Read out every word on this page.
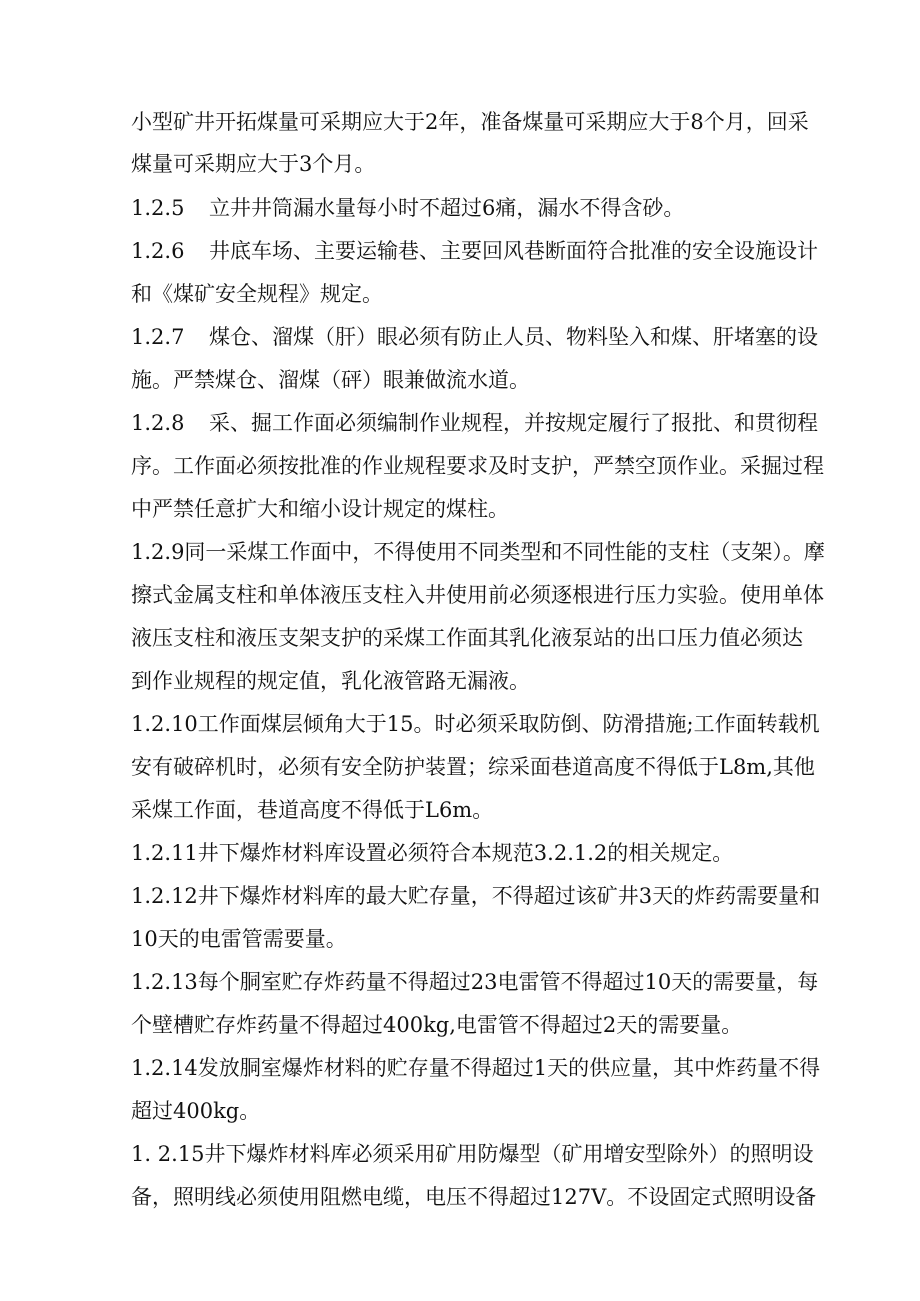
小型矿井开拓煤量可采期应大于2年，准备煤量可采期应大于8个月，回采
煤量可采期应大于3个月。
1.2.5 立井井筒漏水量每小时不超过6痛，漏水不得含砂。
1.2.6 井底车场、主要运输巷、主要回风巷断面符合批准的安全设施设计
和《煤矿安全规程》规定。
1.2.7 煤仓、溜煤（肝）眼必须有防止人员、物料坠入和煤、肝堵塞的设
施。严禁煤仓、溜煤（砰）眼兼做流水道。
1.2.8 采、掘工作面必须编制作业规程，并按规定履行了报批、和贯彻程
序。工作面必须按批准的作业规程要求及时支护，严禁空顶作业。采掘过程
中严禁任意扩大和缩小设计规定的煤柱。
1.2.9同一采煤工作面中，不得使用不同类型和不同性能的支柱（支架）。摩
擦式金属支柱和单体液压支柱入井使用前必须逐根进行压力实验。使用单体
液压支柱和液压支架支护的采煤工作面其乳化液泵站的出口压力值必须达
到作业规程的规定值，乳化液管路无漏液。
1.2.10工作面煤层倾角大于15。时必须采取防倒、防滑措施;工作面转载机
安有破碎机时，必须有安全防护装置；综采面巷道高度不得低于L8m,其他
采煤工作面，巷道高度不得低于L6m。
1.2.11井下爆炸材料库设置必须符合本规范3.2.1.2的相关规定。
1.2.12井下爆炸材料库的最大贮存量，不得超过该矿井3天的炸药需要量和
10天的电雷管需要量。
1.2.13每个胴室贮存炸药量不得超过23电雷管不得超过10天的需要量，每
个壁槽贮存炸药量不得超过400kg,电雷管不得超过2天的需要量。
1.2.14发放胴室爆炸材料的贮存量不得超过1天的供应量，其中炸药量不得
超过400kg。
1. 2.15井下爆炸材料库必须采用矿用防爆型（矿用增安型除外）的照明设
备，照明线必须使用阻燃电缆，电压不得超过127V。不设固定式照明设备
